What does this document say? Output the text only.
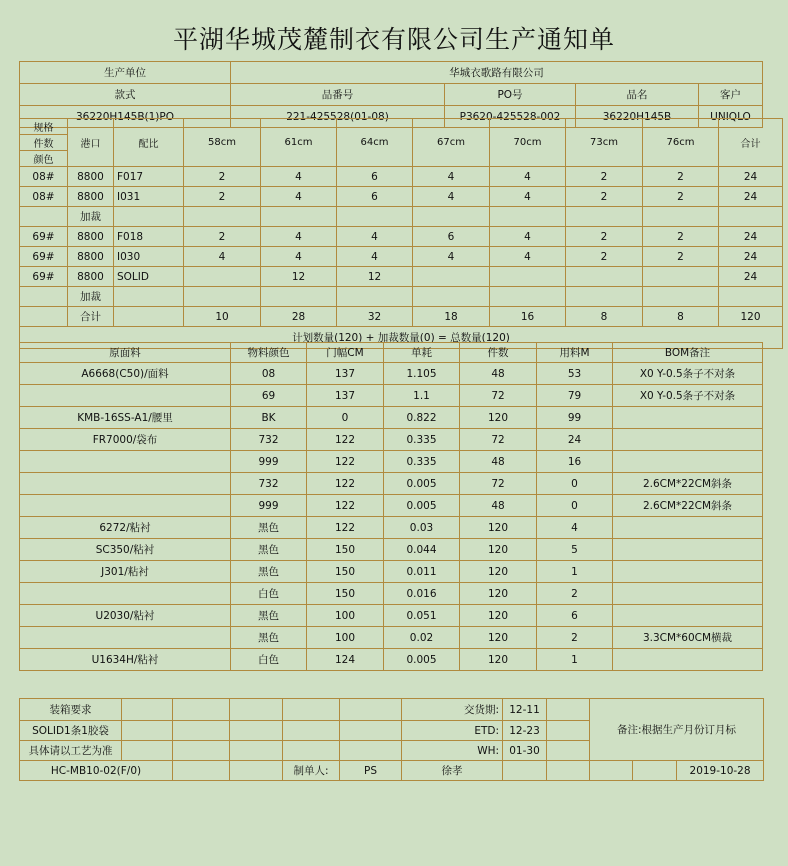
平湖华城茂麓制衣有限公司生产通知单
生产单位	华城衣歌路有限公司			
款式	品番号	PO号	品名	客户
36220H145B(1)PO	221-425528(01-08)	P3620-425528-002	36220H145B	UNIQLO
规格	港口	配比	58cm	61cm	64cm	67cm	70cm	73cm	76cm	合计
件数										
颜色										
08#	8800	F017	2	4	6	4	4	2	2	24
08#	8800	I031	2	4	6	4	4	2	2	24
	加裁									
69#	8800	F018	2	4	4	6	4	2	2	24
69#	8800	I030	4	4	4	4	4	2	2	24
69#	8800	SOLID		12	12					24
	加裁									
	合计		10	28	32	18	16	8	8	120
计划数量(120) + 加裁数量(0) = 总数量(120)										
原面料	物料颜色	门幅CM	单耗	件数	用料M	BOM备注
A6668(C50)/面料	08	137	1.105	48	53	X0 Y-0.5条子不对条
	69	137	1.1	72	79	X0 Y-0.5条子不对条
KMB-16SS-A1/腰里	BK	0	0.822	120	99	
FR7000/袋布	732	122	0.335	72	24	
	999	122	0.335	48	16	
	732	122	0.005	72	0	2.6CM*22CM斜条
	999	122	0.005	48	0	2.6CM*22CM斜条
6272/粘衬	黑色	122	0.03	120	4	
SC350/粘衬	黑色	150	0.044	120	5	
J301/粘衬	黑色	150	0.011	120	1	
	白色	150	0.016	120	2	
U2030/粘衬	黑色	100	0.051	120	6	
	黑色	100	0.02	120	2	3.3CM*60CM横裁
U1634H/粘衬	白色	124	0.005	120	1	
装箱要求						交货期:	12-11		备注:根据生产月份订月标		
SOLID1条1胶袋						ETD:	12-23				
具体请以工艺为准						WH:	01-30				
HC-MB10-02(F/0)				制单人:	PS	徐孝					2019-10-28
